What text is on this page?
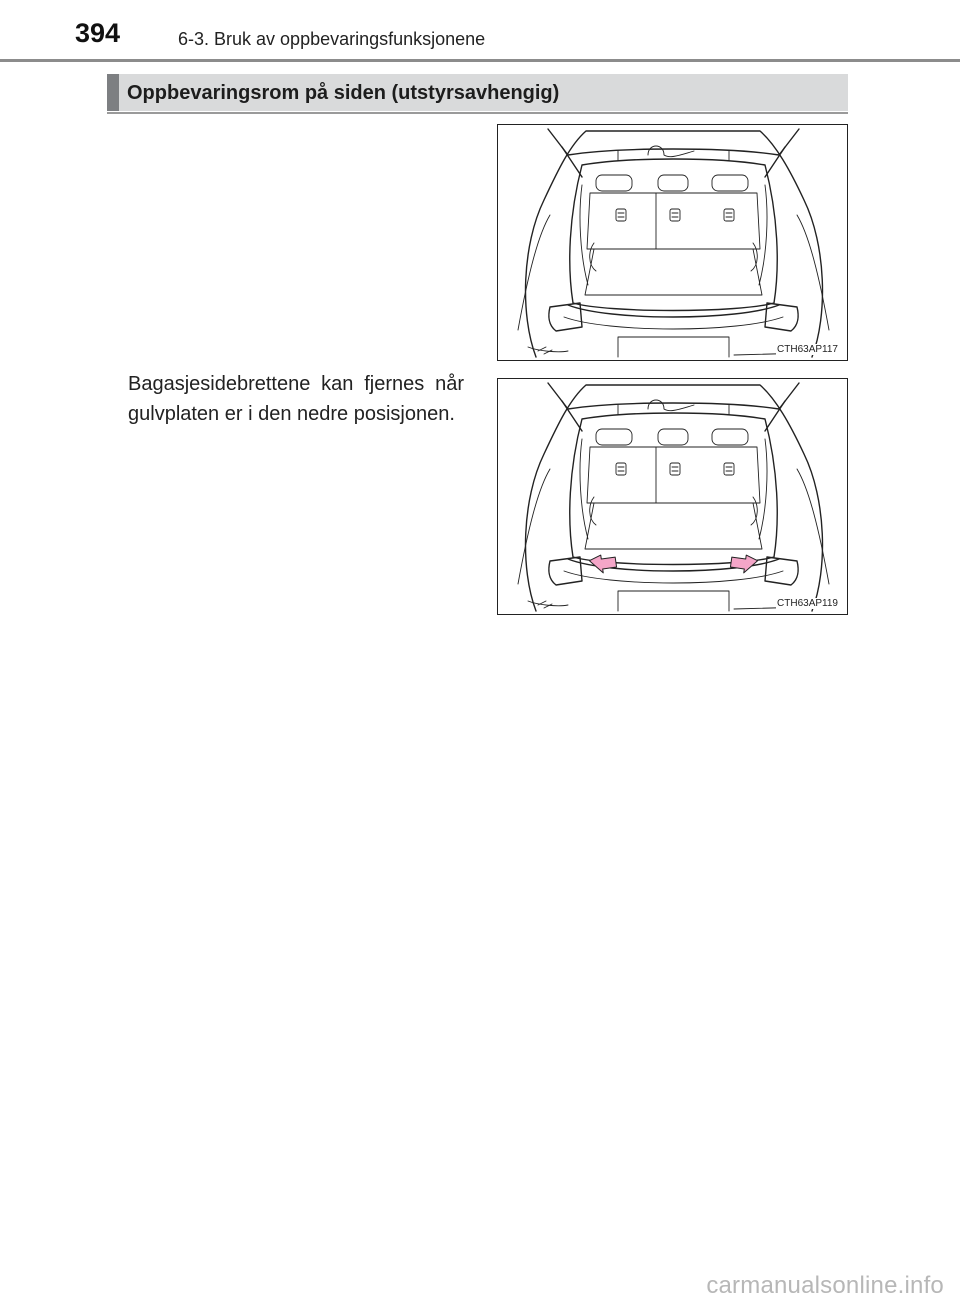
394	6-3. Bruk av oppbevaringsfunksjonene
Oppbevaringsrom på siden (utstyrsavhengig)
Bagasjesidebrettene kan fjernes når gulvplaten er i den nedre posisjonen.
CTH63AP117
CTH63AP119
carmanualsonline.info
